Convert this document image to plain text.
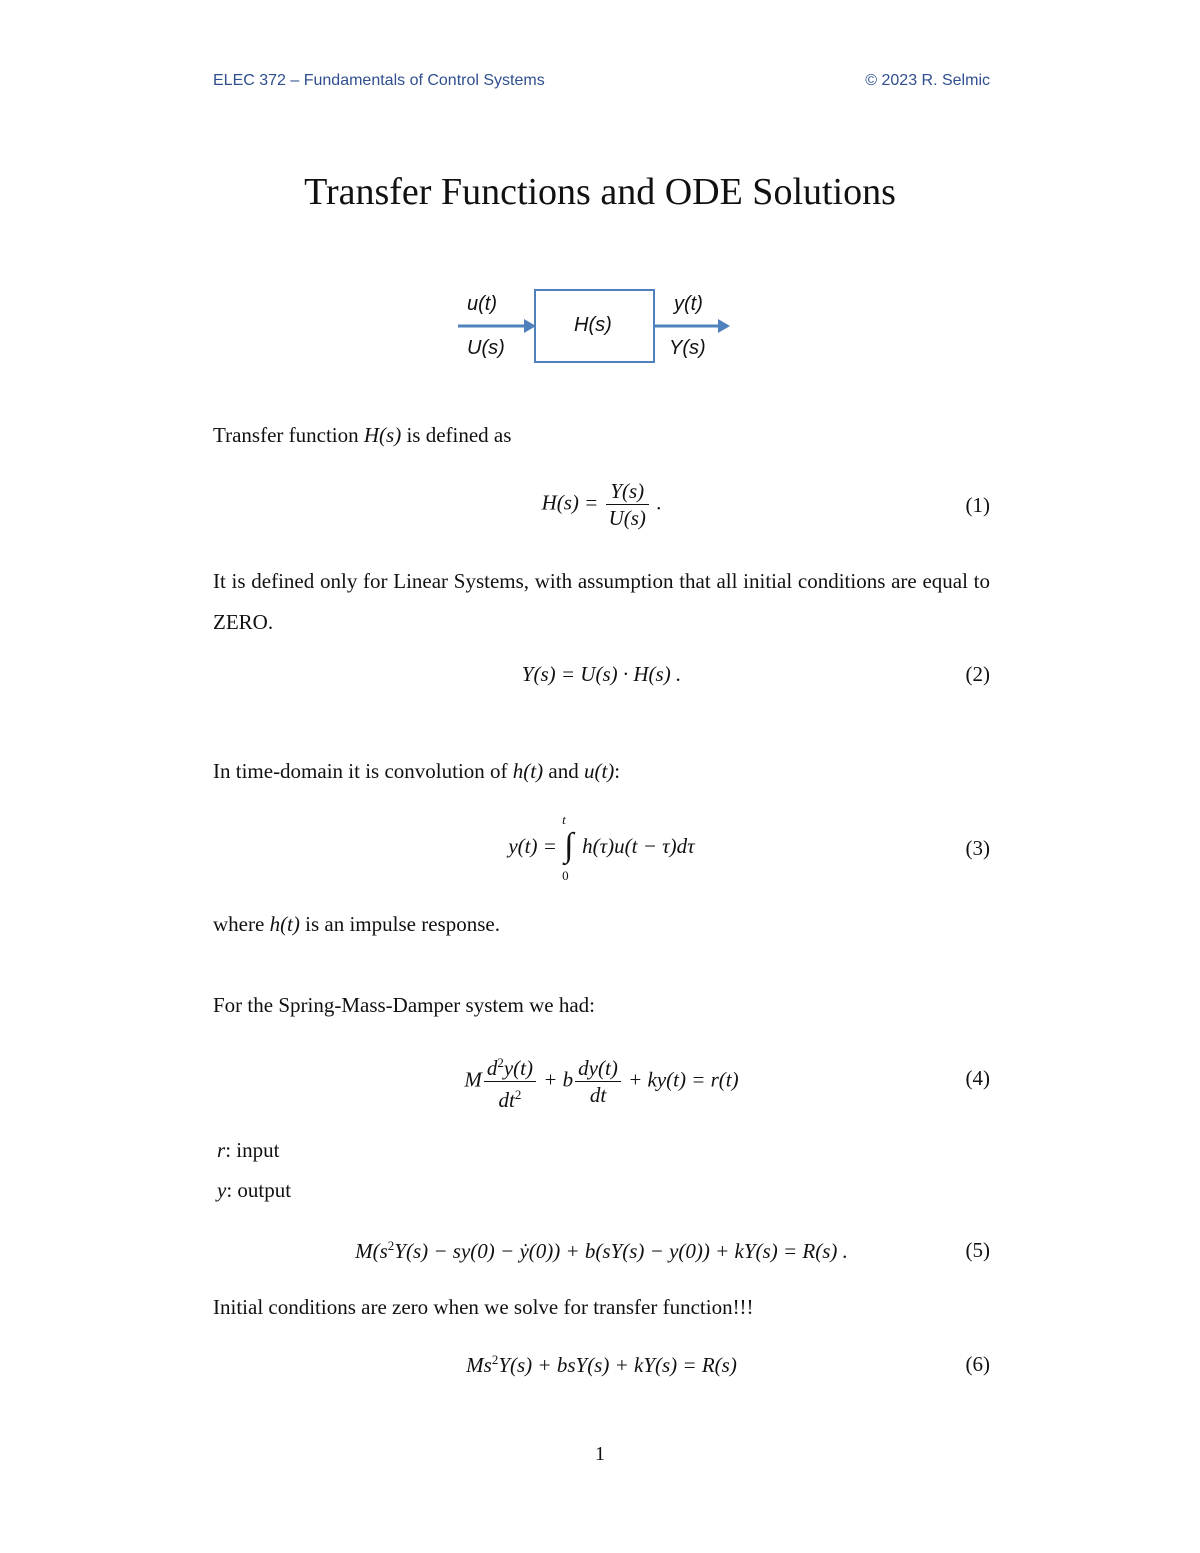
ELEC 372 – Fundamentals of Control Systems	© 2023 R. Selmic
Transfer Functions and ODE Solutions
u(t)
U(s)
H(s)
y(t)
Y(s)
Transfer function H(s) is defined as
$H(s) = \frac{Y(s)}{U(s)}$ .	(1)
It is defined only for Linear Systems, with assumption that all initial conditions are equal to ZERO.
Y(s) = U(s) · H(s) .	(2)
In time-domain it is convolution of h(t) and u(t):
y(t) =
t
∫
0
h(τ)u(t − τ)dτ	(3)
where h(t) is an impulse response.
For the Spring-Mass-Damper system we had:
M $\frac{d^2y(t)}{dt^2} + b \frac{dy(t)}{dt} + ky(t) = r(t)$	(4)
r: input
y: output
$M(s^2Y(s) - sy(0)$ − ẏ(0)) + b(sY(s) − y(0)) + kY(s) = R(s) .	(5)
Initial conditions are zero when we solve for transfer function!!!
$Ms^2Y(s) + bsY(s) + kY(s) = R(s)$	(6)
1
